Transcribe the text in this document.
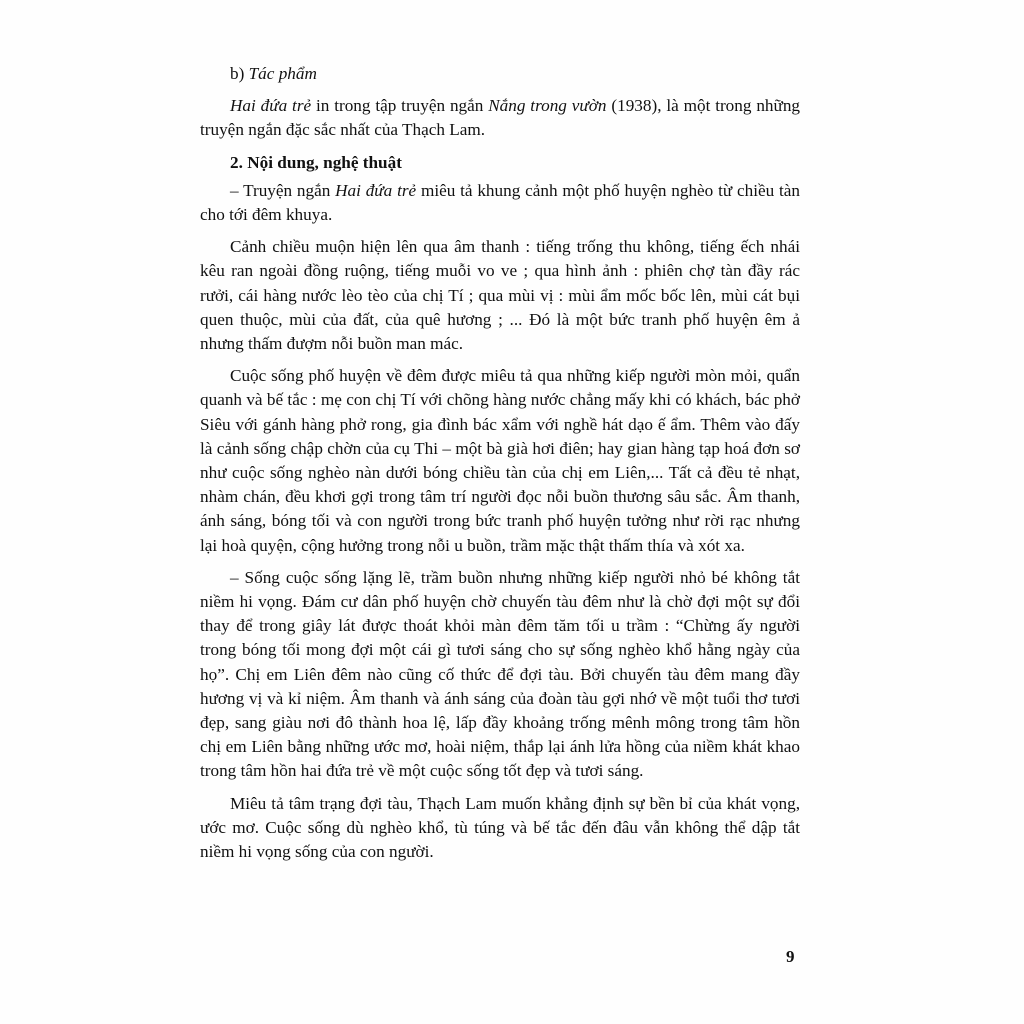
b) Tác phẩm

Hai đứa trẻ in trong tập truyện ngắn Nắng trong vườn (1938), là một trong những truyện ngắn đặc sắc nhất của Thạch Lam.

2. Nội dung, nghệ thuật

– Truyện ngắn Hai đứa trẻ miêu tả khung cảnh một phố huyện nghèo từ chiều tàn cho tới đêm khuya.

Cảnh chiều muộn hiện lên qua âm thanh : tiếng trống thu không, tiếng ếch nhái kêu ran ngoài đồng ruộng, tiếng muỗi vo ve ; qua hình ảnh : phiên chợ tàn đầy rác rưởi, cái hàng nước lèo tèo của chị Tí ; qua mùi vị : mùi ẩm mốc bốc lên, mùi cát bụi quen thuộc, mùi của đất, của quê hương ; ... Đó là một bức tranh phố huyện êm ả nhưng thấm đượm nỗi buồn man mác.

Cuộc sống phố huyện về đêm được miêu tả qua những kiếp người mòn mỏi, quẩn quanh và bế tắc : mẹ con chị Tí với chõng hàng nước chẳng mấy khi có khách, bác phở Siêu với gánh hàng phở rong, gia đình bác xẩm với nghề hát dạo ế ẩm. Thêm vào đấy là cảnh sống chập chờn của cụ Thi – một bà già hơi điên; hay gian hàng tạp hoá đơn sơ như cuộc sống nghèo nàn dưới bóng chiều tàn của chị em Liên,... Tất cả đều tẻ nhạt, nhàm chán, đều khơi gợi trong tâm trí người đọc nỗi buồn thương sâu sắc. Âm thanh, ánh sáng, bóng tối và con người trong bức tranh phố huyện tưởng như rời rạc nhưng lại hoà quyện, cộng hưởng trong nỗi u buồn, trầm mặc thật thấm thía và xót xa.

– Sống cuộc sống lặng lẽ, trầm buồn nhưng những kiếp người nhỏ bé không tắt niềm hi vọng. Đám cư dân phố huyện chờ chuyến tàu đêm như là chờ đợi một sự đổi thay để trong giây lát được thoát khỏi màn đêm tăm tối u trầm : “Chừng ấy người trong bóng tối mong đợi một cái gì tươi sáng cho sự sống nghèo khổ hằng ngày của họ”. Chị em Liên đêm nào cũng cố thức để đợi tàu. Bởi chuyến tàu đêm mang đầy hương vị và kỉ niệm. Âm thanh và ánh sáng của đoàn tàu gợi nhớ về một tuổi thơ tươi đẹp, sang giàu nơi đô thành hoa lệ, lấp đầy khoảng trống mênh mông trong tâm hồn chị em Liên bằng những ước mơ, hoài niệm, thắp lại ánh lửa hồng của niềm khát khao trong tâm hồn hai đứa trẻ về một cuộc sống tốt đẹp và tươi sáng.

Miêu tả tâm trạng đợi tàu, Thạch Lam muốn khẳng định sự bền bỉ của khát vọng, ước mơ. Cuộc sống dù nghèo khổ, tù túng và bế tắc đến đâu vẫn không thể dập tắt niềm hi vọng sống của con người.

9
